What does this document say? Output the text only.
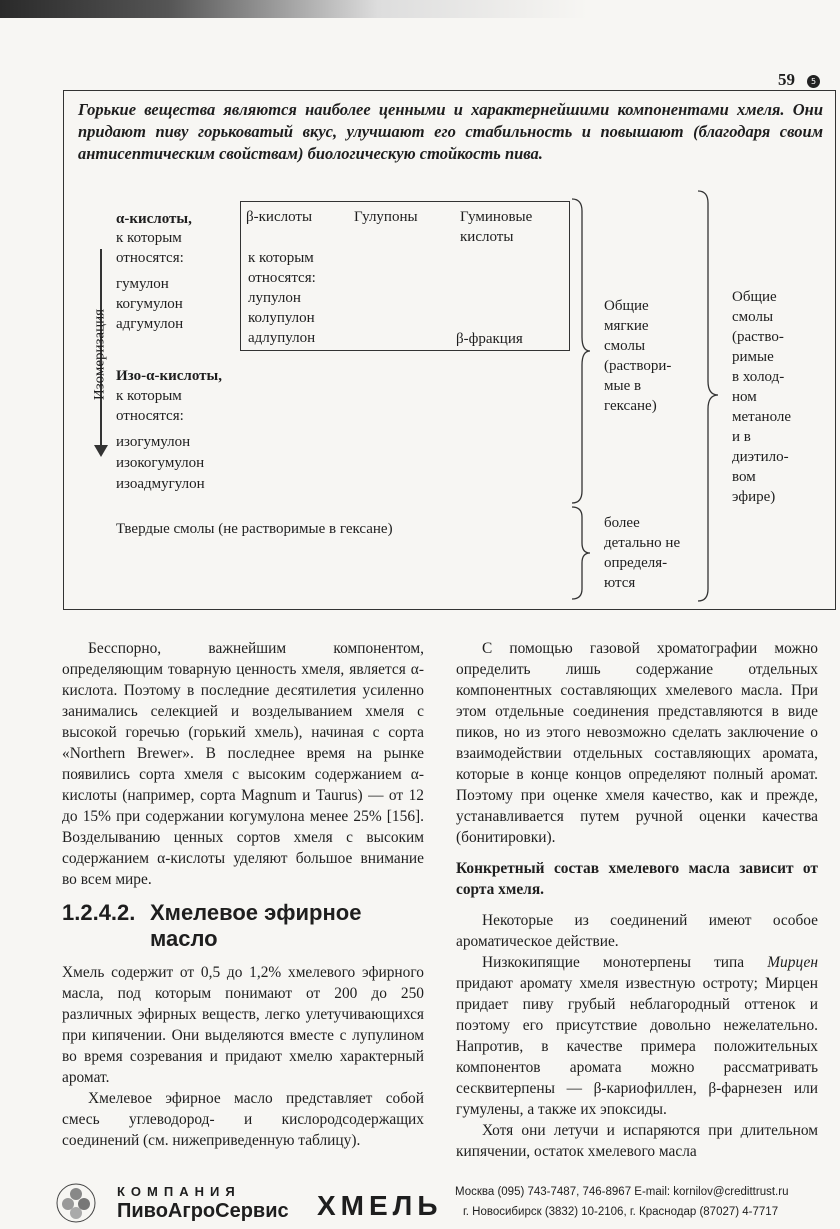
59	5

Горькие вещества являются наиболее ценными и характернейшими компонентами хмеля. Они придают пиву горьковатый вкус, улучшают его стабильность и повышают (благодаря своим антисептическим свойствам) биологическую стойкость пива.

α-кислоты,
к которым
относятся:
гумулон
когумулон
адгумулон
β-кислоты	Гулупоны	Гуминовые
кислоты
к которым
относятся:
лупулон
колупулон
адлупулон	β-фракция
Изо-α-кислоты,
к которым
относятся:
изогумулон
изокогумулон
изоадмугулон
Изомеризация
Общие
мягкие
смолы
(раствори-
мые в
гексане)
Общие
смолы
(раство-
римые
в холод-
ном
метаноле
и в
диэтило-
вом
эфире)
Твердые смолы (не растворимые в гексане)	более
детально не
определя-
ются

Бесспорно, важнейшим компонентом, определяющим товарную ценность хмеля, является α-кислота. Поэтому в последние десятилетия усиленно занимались селекцией и возделыванием хмеля с высокой горечью (горький хмель), начиная с сорта «Northern Brewer». В последнее время на рынке появились сорта хмеля с высоким содержанием α-кислоты (например, сорта Magnum и Taurus) — от 12 до 15% при содержании когумулона менее 25% [156]. Возделыванию ценных сортов хмеля с высоким содержанием α-кислоты уделяют большое внимание во всем мире.

1.2.4.2. Хмелевое эфирное
масло

Хмель содержит от 0,5 до 1,2% хмелевого эфирного масла, под которым понимают от 200 до 250 различных эфирных веществ, легко улетучивающихся при кипячении. Они выделяются вместе с лупулином во время созревания и придают хмелю характерный аромат.

Хмелевое эфирное масло представляет собой смесь углеводород- и кислородсодержащих соединений (см. нижеприведенную таблицу).

С помощью газовой хроматографии можно определить лишь содержание отдельных компонентных составляющих хмелевого масла. При этом отдельные соединения представляются в виде пиков, но из этого невозможно сделать заключение о взаимодействии отдельных составляющих аромата, которые в конце концов определяют полный аромат. Поэтому при оценке хмеля качество, как и прежде, устанавливается путем ручной оценки качества (бонитировки).

Конкретный состав хмелевого масла зависит от сорта хмеля.

Некоторые из соединений имеют особое ароматическое действие.

Низкокипящие монотерпены типа Мирцен придают аромату хмеля известную остроту; Мирцен придает пиву грубый неблагородный оттенок и поэтому его присутствие довольно нежелательно. Напротив, в качестве примера положительных компонентов аромата можно рассматривать сесквитерпены — β-кариофиллен, β-фарнезен или гумулены, а также их эпоксиды.

Хотя они летучи и испаряются при длительном кипячении, остаток хмелевого масла

КОМПАНИЯ
ПивоАгроСервис ХМЕЛЬ Москва (095) 743-7487, 746-8967 E-mail: kornilov@credittrust.ru
г. Новосибирск (3832) 10-2106, г. Краснодар (87027) 4-7717
